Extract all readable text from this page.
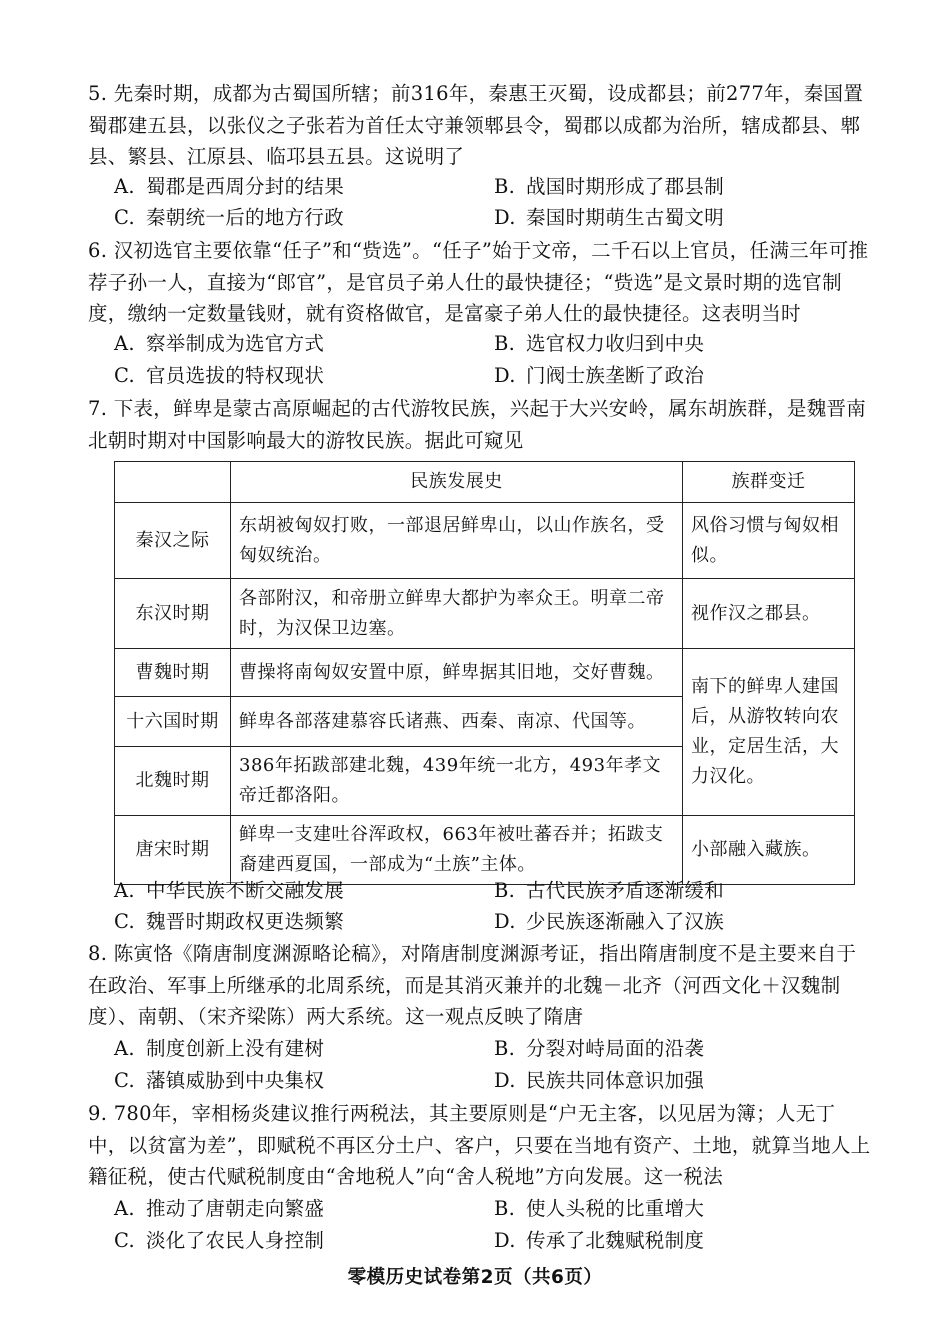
5. 先秦时期，成都为古蜀国所辖；前316年，秦惠王灭蜀，设成都县；前277年，秦国置蜀郡建五县，以张仪之子张若为首任太守兼领郫县令，蜀郡以成都为治所，辖成都县、郫县、繁县、江原县、临邛县五县。这说明了

A. 蜀郡是西周分封的结果	B. 战国时期形成了郡县制
C. 秦朝统一后的地方行政	D. 秦国时期萌生古蜀文明

6. 汉初选官主要依靠“任子”和“赀选”。“任子”始于文帝，二千石以上官员，任满三年可推荐子孙一人，直接为“郎官”，是官员子弟人仕的最快捷径；“赀选”是文景时期的选官制度，缴纳一定数量钱财，就有资格做官，是富豪子弟人仕的最快捷径。这表明当时

A. 察举制成为选官方式	B. 选官权力收归到中央
C. 官员选拔的特权现状	D. 门阀士族垄断了政治

7. 下表，鲜卑是蒙古高原崛起的古代游牧民族，兴起于大兴安岭，属东胡族群，是魏晋南北朝时期对中国影响最大的游牧民族。据此可窥见

	民族发展史	族群变迁
秦汉之际	东胡被匈奴打败，一部退居鲜卑山，以山作族名，受匈奴统治。	风俗习惯与匈奴相似。
东汉时期	各部附汉，和帝册立鲜卑大都护为率众王。明章二帝时，为汉保卫边塞。	视作汉之郡县。
曹魏时期	曹操将南匈奴安置中原，鲜卑据其旧地，交好曹魏。	南下的鲜卑人建国后，从游牧转向农业，定居生活，大力汉化。
十六国时期	鲜卑各部落建慕容氏诸燕、西秦、南凉、代国等。	
北魏时期	386年拓跋部建北魏，439年统一北方，493年孝文帝迁都洛阳。	
唐宋时期	鲜卑一支建吐谷浑政权，663年被吐蕃吞并；拓跋支裔建西夏国，一部成为“土族”主体。	小部融入藏族。
A. 中华民族不断交融发展	B. 古代民族矛盾逐渐缓和
C. 魏晋时期政权更迭频繁	D. 少民族逐渐融入了汉族

8. 陈寅恪《隋唐制度渊源略论稿》，对隋唐制度渊源考证，指出隋唐制度不是主要来自于在政治、军事上所继承的北周系统，而是其消灭兼并的北魏－北齐（河西文化＋汉魏制度）、南朝、（宋齐梁陈）两大系统。这一观点反映了隋唐

A. 制度创新上没有建树	B. 分裂对峙局面的沿袭
C. 藩镇威胁到中央集权	D. 民族共同体意识加强

9. 780年，宰相杨炎建议推行两税法，其主要原则是“户无主客，以见居为簿；人无丁中，以贫富为差”，即赋税不再区分土户、客户，只要在当地有资产、土地，就算当地人上籍征税，使古代赋税制度由“舍地税人”向“舍人税地”方向发展。这一税法

A. 推动了唐朝走向繁盛	B. 使人头税的比重增大
C. 淡化了农民人身控制	D. 传承了北魏赋税制度
零模历史试卷第2页（共6页）
